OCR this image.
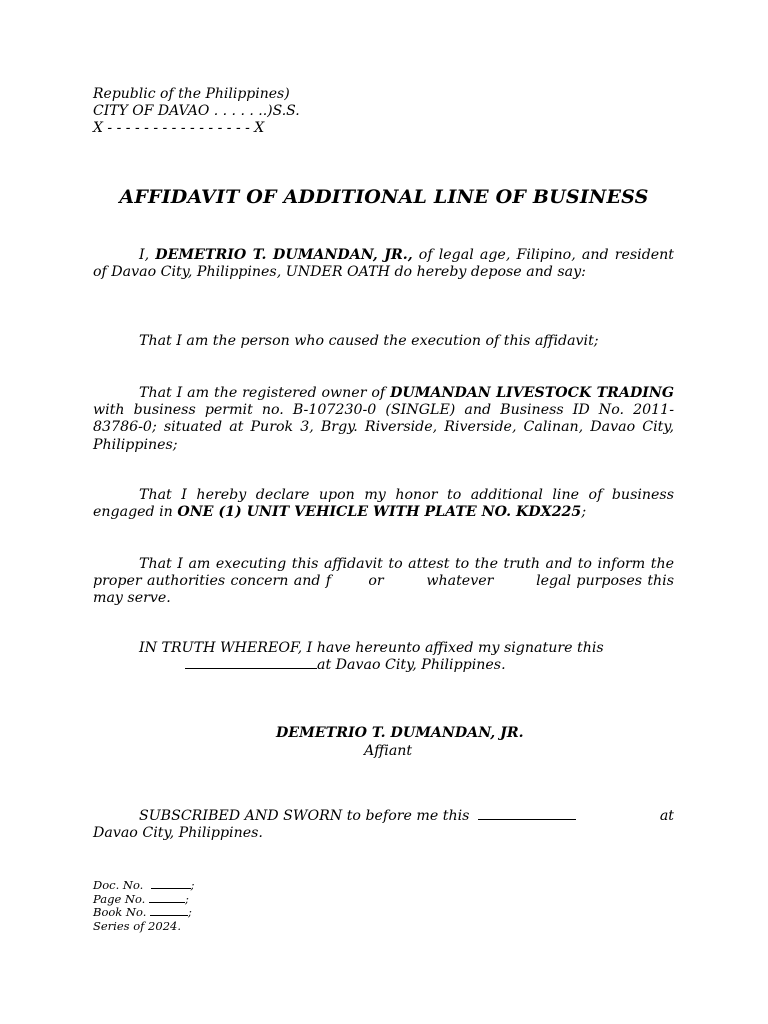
Republic of the Philippines)
CITY OF DAVAO . . . . . ..)S.S.
X - - - - - - - - - - - - - - - - X
AFFIDAVIT OF ADDITIONAL LINE OF BUSINESS
I, DEMETRIO T. DUMANDAN, JR., of legal age, Filipino, and resident of Davao City, Philippines, UNDER OATH do hereby depose and say:
That I am the person who caused the execution of this affidavit;
That I am the registered owner of DUMANDAN LIVESTOCK TRADING with business permit no. B-107230-0 (SINGLE) and Business ID No. 2011-83786-0; situated at Purok 3, Brgy. Riverside, Riverside, Calinan, Davao City, Philippines;
That I hereby declare upon my honor to additional line of business engaged in ONE (1) UNIT VEHICLE WITH PLATE NO. KDX225;
That I am executing this affidavit to attest to the truth and to inform the proper authorities concern and f       or        whatever        legal purposes this may serve.
IN TRUTH WHEREOF, I have hereunto affixed my signature this
at Davao City, Philippines.
DEMETRIO T. DUMANDAN, JR.
Affiant
SUBSCRIBED AND SWORN to before me this	at
Davao City, Philippines.
Doc. No.	;
Page No.	;
Book No.	;
Series of 2024.
